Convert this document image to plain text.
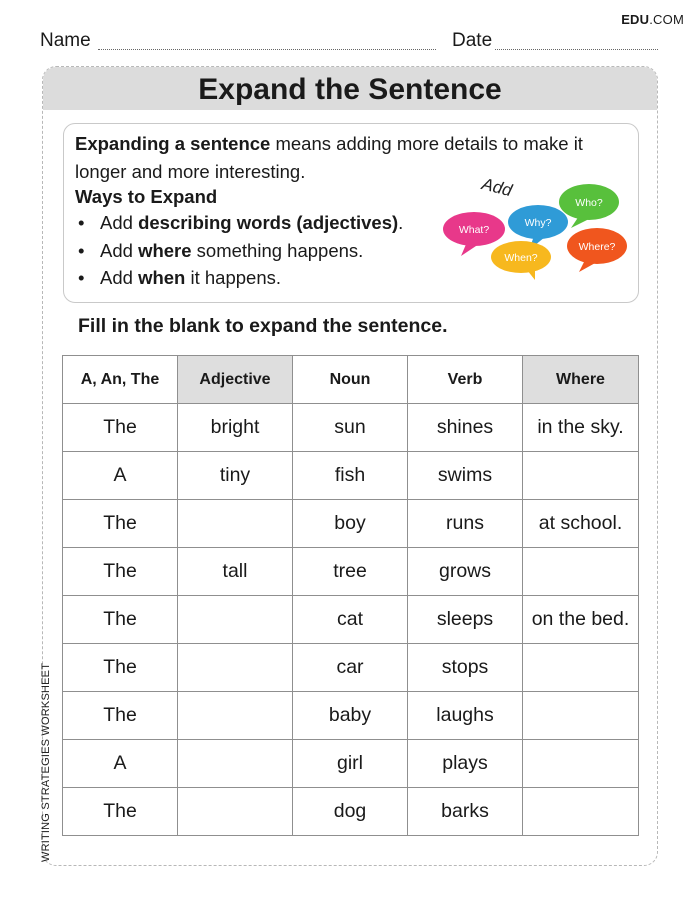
EDU.COM
Name	Date
Expand the Sentence
Expanding a sentence means adding more details to make it longer and more interesting.
Ways to Expand
• Add describing words (adjectives).
• Add where something happens.
• Add when it happens.
Add
What?
Why?
Who?
When?
Where?
Fill in the blank to expand the sentence.
A, An, The	Adjective	Noun	Verb	Where
The	bright	sun	shines	in the sky.
A	tiny	fish	swims	
The		boy	runs	at school.
The	tall	tree	grows	
The		cat	sleeps	on the bed.
The		car	stops	
The		baby	laughs	
A		girl	plays	
The		dog	barks	
WRITING STRATEGIES WORKSHEET
